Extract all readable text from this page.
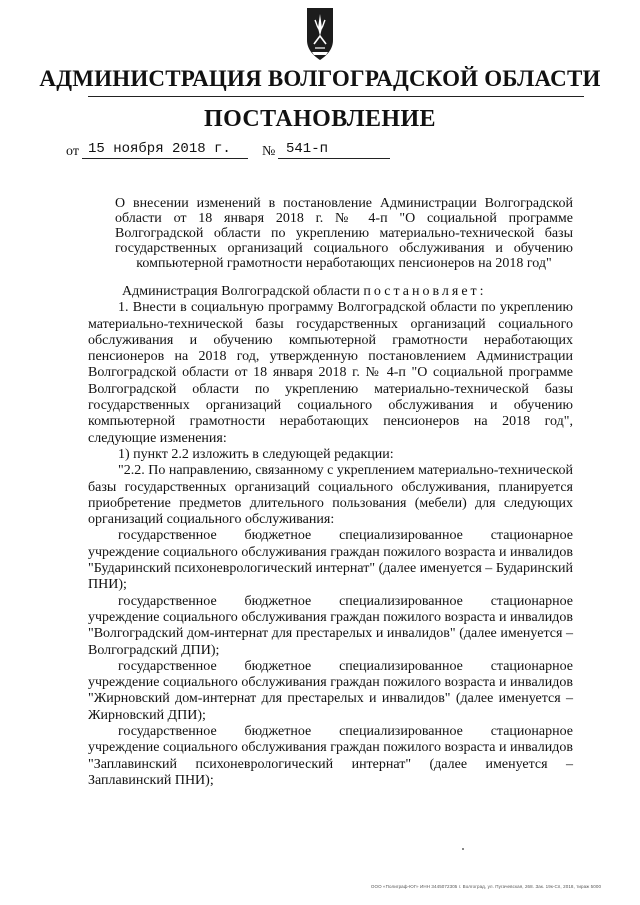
АДМИНИСТРАЦИЯ ВОЛГОГРАДСКОЙ ОБЛАСТИ
ПОСТАНОВЛЕНИЕ
от 15 ноября 2018 г. № 541-п
О внесении изменений в постановление Администрации Волгоградской области от 18 января 2018 г. № 4-п "О социальной программе Волгоградской области по укреплению материально-технической базы государственных организаций социального обслуживания и обучению компьютерной грамотности неработающих пенсионеров на 2018 год"

Администрация Волгоградской области постановляет:

1. Внести в социальную программу Волгоградской области по укреплению материально-технической базы государственных организаций социального обслуживания и обучению компьютерной грамотности неработающих пенсионеров на 2018 год, утвержденную постановлением Администрации Волгоградской области от 18 января 2018 г. № 4-п "О социальной программе Волгоградской области по укреплению материально-технической базы государственных организаций социального обслуживания и обучению компьютерной грамотности неработающих пенсионеров на 2018 год", следующие изменения:

1) пункт 2.2 изложить в следующей редакции:

"2.2. По направлению, связанному с укреплением материально-технической базы государственных организаций социального обслуживания, планируется приобретение предметов длительного пользования (мебели) для следующих организаций социального обслуживания:

государственное бюджетное специализированное стационарное учреждение социального обслуживания граждан пожилого возраста и инвалидов "Бударинский психоневрологический интернат" (далее именуется – Бударинский ПНИ);

государственное бюджетное специализированное стационарное учреждение социального обслуживания граждан пожилого возраста и инвалидов "Волгоградский дом-интернат для престарелых и инвалидов" (далее именуется – Волгоградский ДПИ);

государственное бюджетное специализированное стационарное учреждение социального обслуживания граждан пожилого возраста и инвалидов "Жирновский дом-интернат для престарелых и инвалидов" (далее именуется – Жирновский ДПИ);

государственное бюджетное специализированное стационарное учреждение социального обслуживания граждан пожилого возраста и инвалидов "Заплавинский психоневрологический интернат" (далее именуется – Заплавинский ПНИ);

ООО «Полиграф-ЮГ» ИНН 3445072305 г. Волгоград, ул. Пугачевская, 268. Зак. 19к-Сп, 2018, тираж 5000
